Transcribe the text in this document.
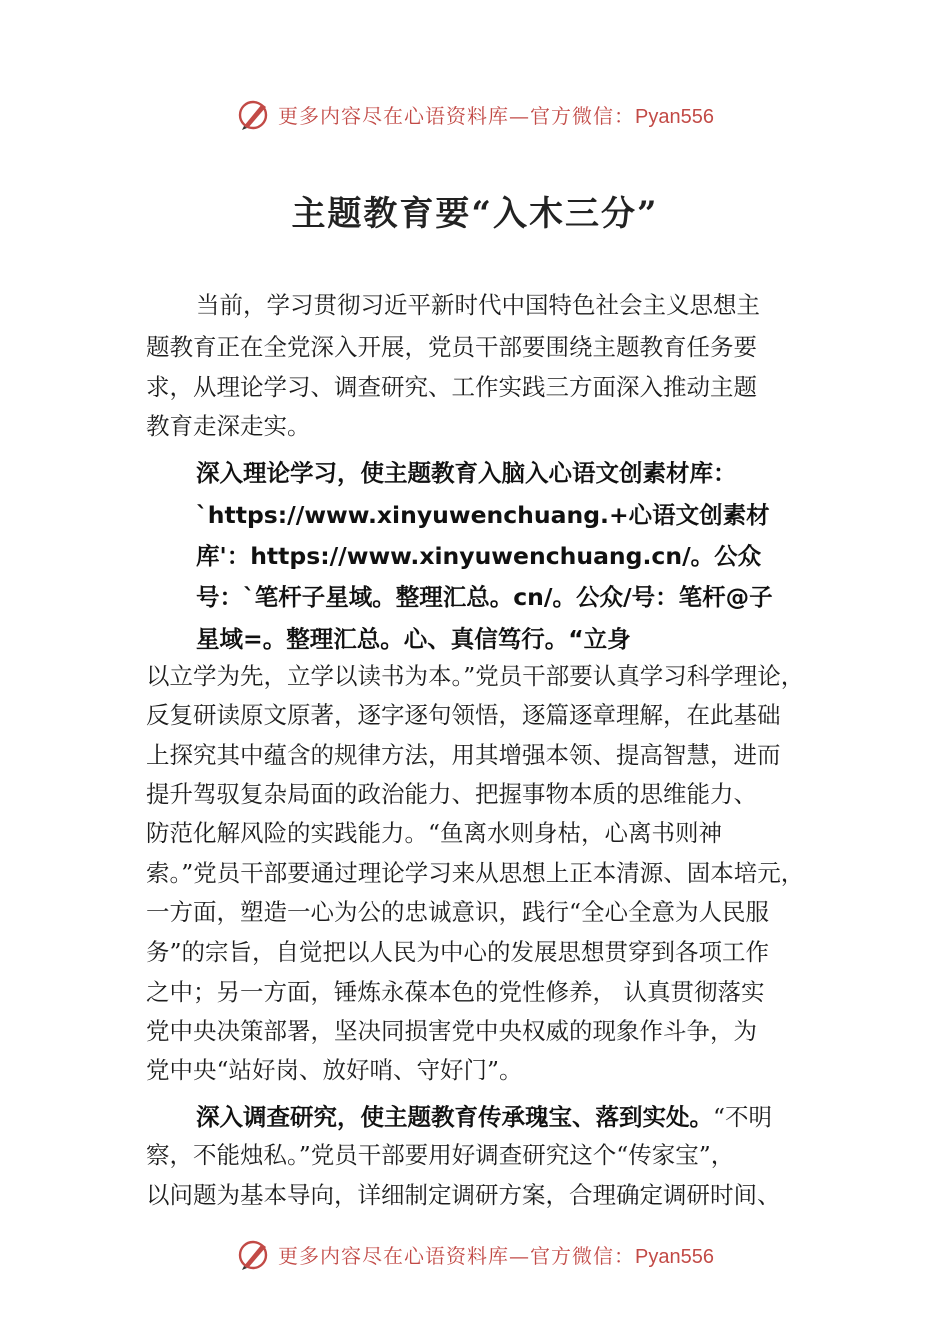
更多内容尽在心语资料库—官方微信：Pyan556
主题教育要“入木三分”
当前，学习贯彻习近平新时代中国特色社会主义思想主
题教育正在全党深入开展，党员干部要围绕主题教育任务要
求，从理论学习、调查研究、工作实践三方面深入推动主题
教育走深走实。
深入理论学习，使主题教育入脑入心语文创素材库：
`https://www.xinyuwenchuang.+心语文创素材
库'：https://www.xinyuwenchuang.cn/。公众
号：`笔杆子星域。整理汇总。cn/。公众/号：笔杆@子
星域=。整理汇总。心、真信笃行。“立身
以立学为先，立学以读书为本。”党员干部要认真学习科学理论，
反复研读原文原著，逐字逐句领悟，逐篇逐章理解，在此基础
上探究其中蕴含的规律方法，用其增强本领、提高智慧，进而
提升驾驭复杂局面的政治能力、把握事物本质的思维能力、
防范化解风险的实践能力。“鱼离水则身枯，心离书则神
索。”党员干部要通过理论学习来从思想上正本清源、固本培元，
一方面，塑造一心为公的忠诚意识，践行“全心全意为人民服
务”的宗旨，自觉把以人民为中心的发展思想贯穿到各项工作
之中；另一方面，锤炼永葆本色的党性修养， 认真贯彻落实
党中央决策部署，坚决同损害党中央权威的现象作斗争，为
党中央“站好岗、放好哨、守好门”。
深入调查研究，使主题教育传承瑰宝、落到实处。“不明
察，不能烛私。”党员干部要用好调查研究这个“传家宝”，
以问题为基本导向，详细制定调研方案，合理确定调研时间、
更多内容尽在心语资料库—官方微信：Pyan556
